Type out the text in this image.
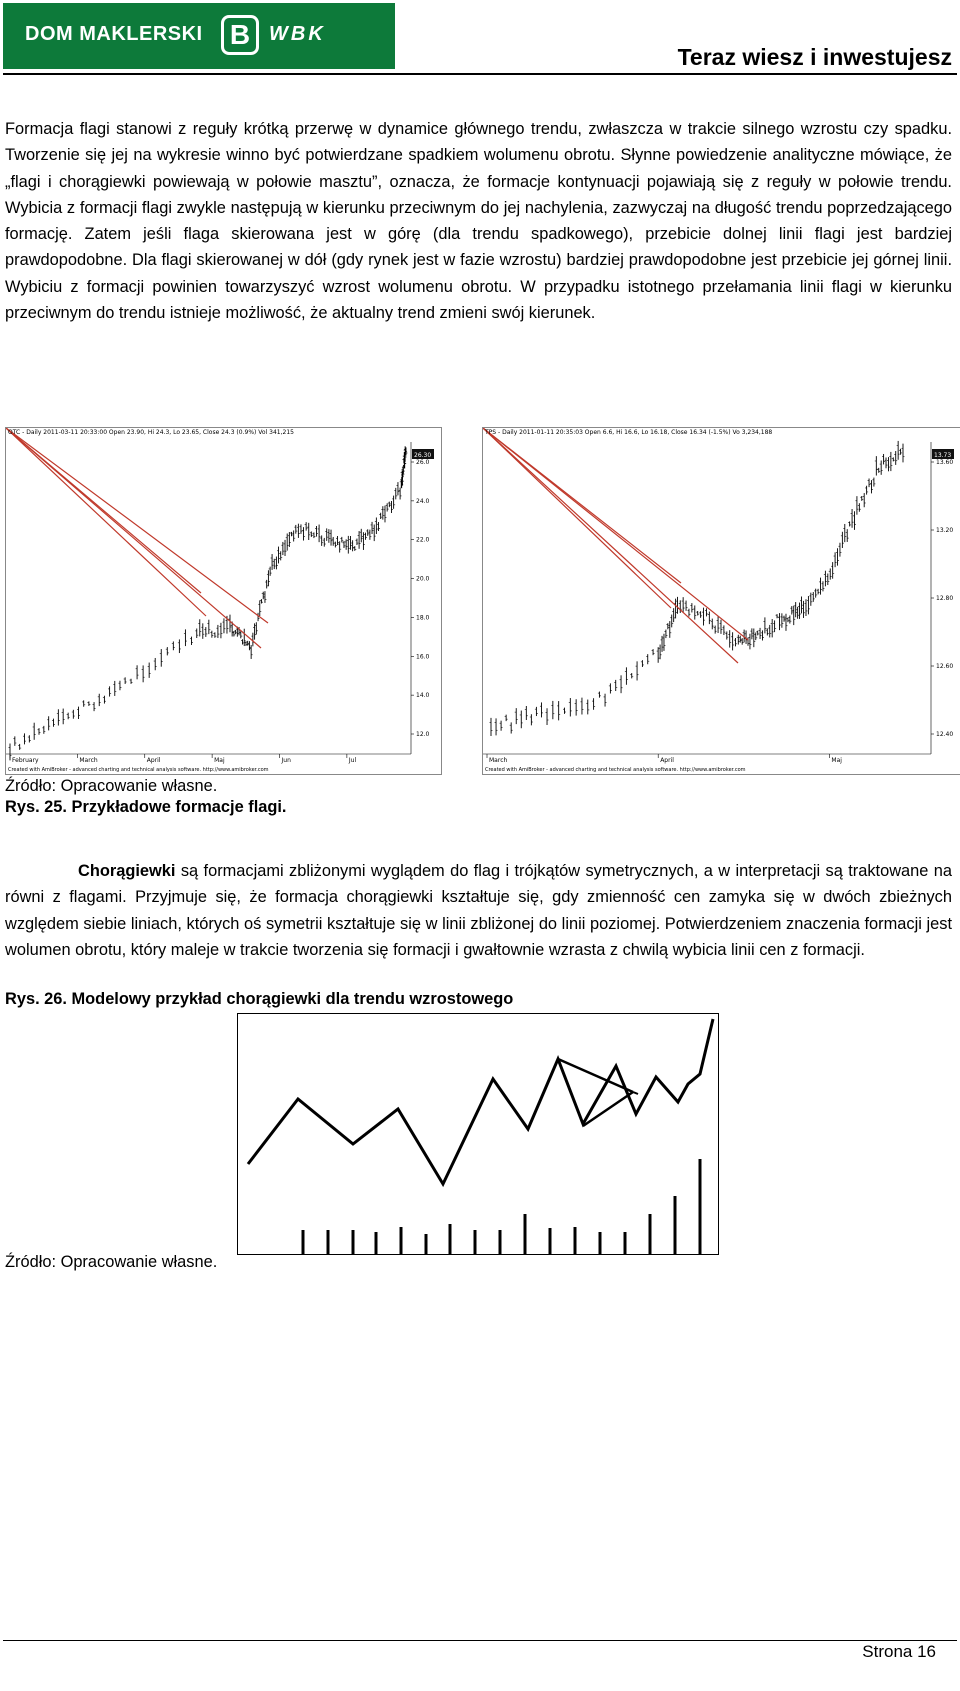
DOM MAKLERSKI B WBK
Teraz wiesz i inwestujesz

Formacja flagi stanowi z reguły krótką przerwę w dynamice głównego trendu, zwłaszcza w trakcie silnego wzrostu czy spadku. Tworzenie się jej na wykresie winno być potwierdzane spadkiem wolumenu obrotu. Słynne powiedzenie analityczne mówiące, że „flagi i chorągiewki powiewają w połowie masztu”, oznacza, że formacje kontynuacji pojawiają się z reguły w połowie trendu. Wybicia z formacji flagi zwykle następują w kierunku przeciwnym do jej nachylenia, zazwyczaj na długość trendu poprzedzającego formację. Zatem jeśli flaga skierowana jest w górę (dla trendu spadkowego), przebicie dolnej linii flagi jest bardziej prawdopodobne. Dla flagi skierowanej w dół (gdy rynek jest w fazie wzrostu) bardziej prawdopodobne jest przebicie jej górnej linii. Wybiciu z formacji powinien towarzyszyć wzrost wolumenu obrotu. W przypadku istotnego przełamania linii flagi w kierunku przeciwnym do trendu istnieje możliwość, że aktualny trend zmieni swój kierunek.

Rys. 25. Przykładowe formacje flagi.
OTC - Daily 2011-03-11 20:33:00 Open 23.90, Hi 24.3, Lo 23.65, Close 24.3 (0.9%) Vol 341,215
26.0
24.0
22.0
20.0
18.0
16.0
14.0
12.0
February	March	April	Maj	Jun	Jul
26.30
Created with AmiBroker - advanced charting and technical analysis software. http://www.amibroker.com
TPS - Daily 2011-01-11 20:35:03 Open 6.6, Hi 16.6, Lo 16.18, Close 16.34 (-1.5%) Vo 3,234,188
13.60
13.20
12.80
12.60
12.40
March	April	Maj
13.73
Created with AmiBroker - advanced charting and technical analysis software. http://www.amibroker.com
Źródło: Opracowanie własne.

Chorągiewki są formacjami zbliżonymi wyglądem do flag i trójkątów symetrycznych, a w interpretacji są traktowane na równi z flagami. Przyjmuje się, że formacja chorągiewki kształtuje się, gdy zmienność cen zamyka się w dwóch zbieżnych względem siebie liniach, których oś symetrii kształtuje się w linii zbliżonej do linii poziomej. Potwierdzeniem znaczenia formacji jest wolumen obrotu, który maleje w trakcie tworzenia się formacji i gwałtownie wzrasta z chwilą wybicia linii cen z formacji.

Rys. 26. Modelowy przykład chorągiewki dla trendu wzrostowego
Źródło: Opracowanie własne.
Strona 16
